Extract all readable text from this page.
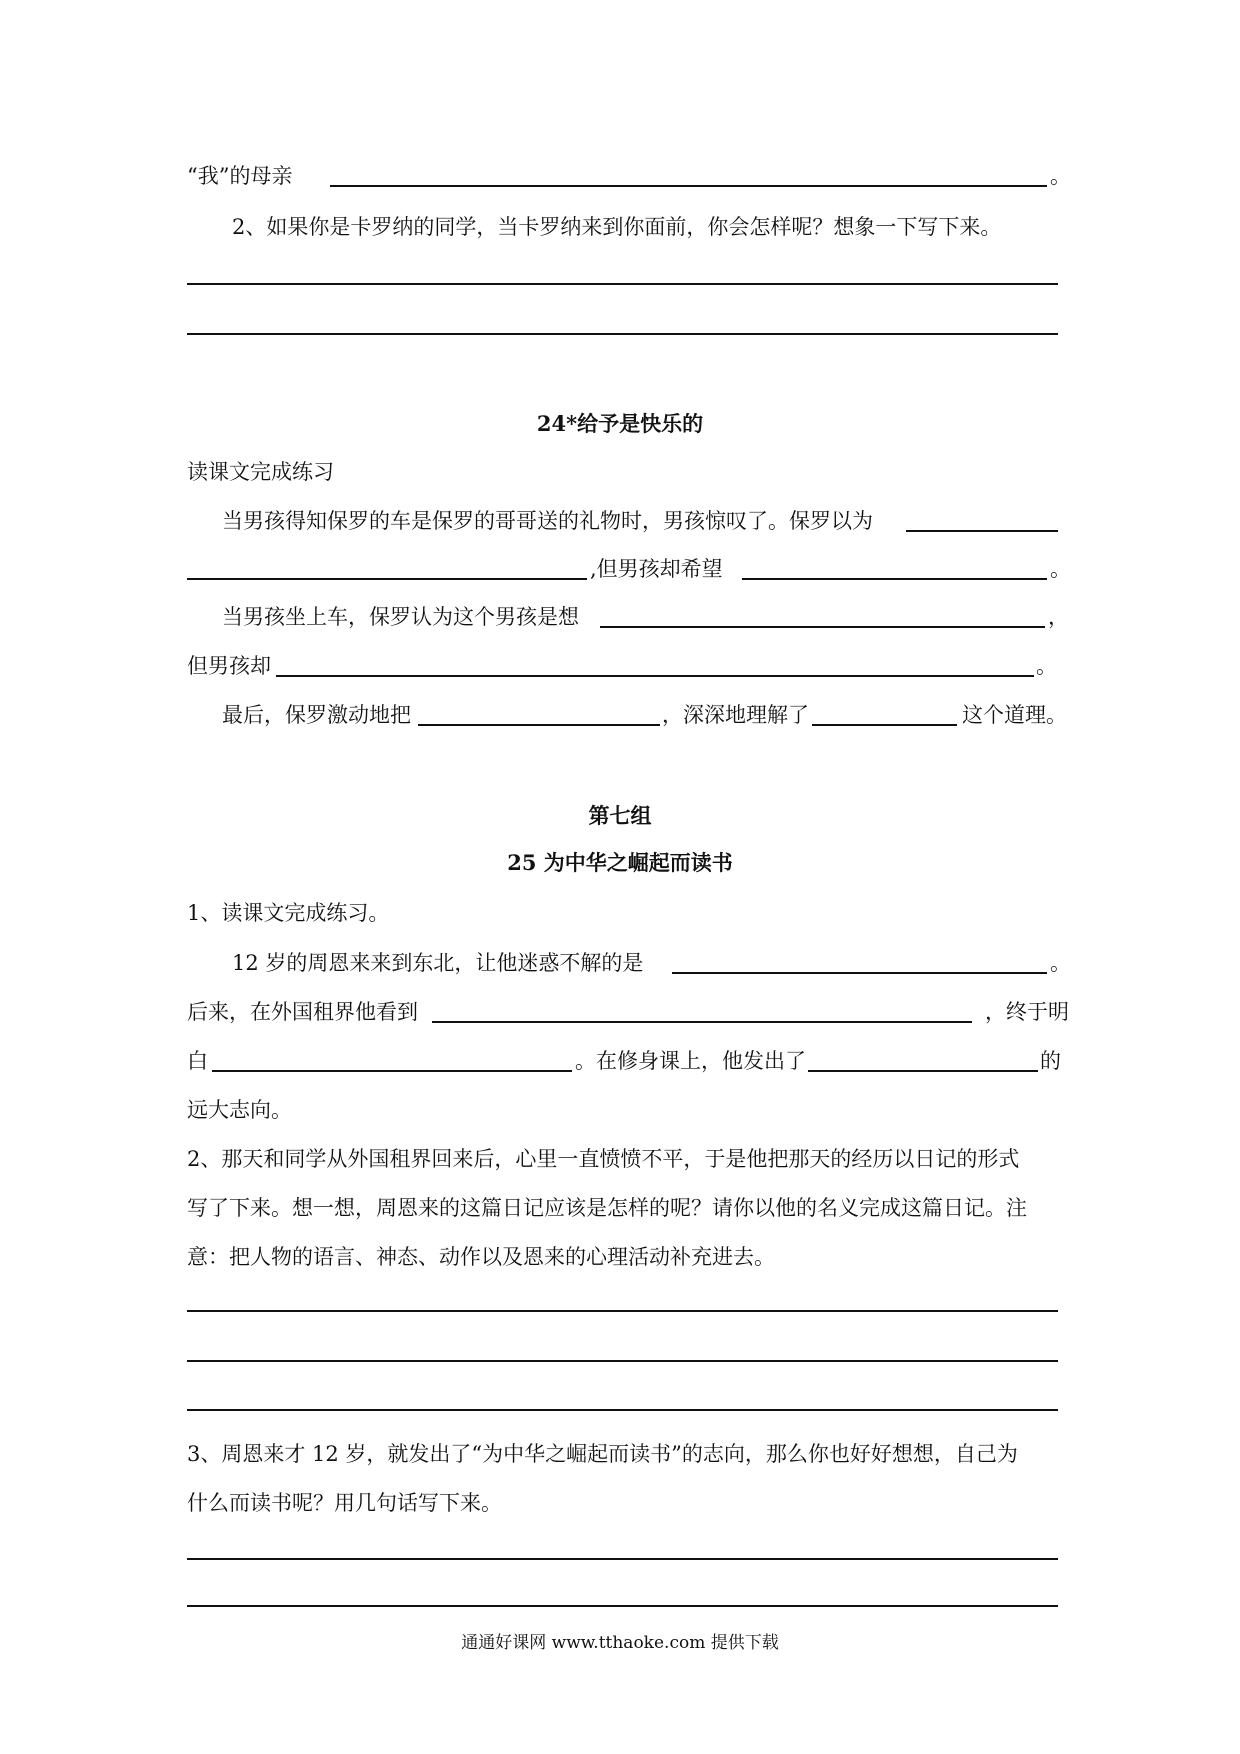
“我”的母亲	。
2、如果你是卡罗纳的同学，当卡罗纳来到你面前，你会怎样呢？想象一下写下来。
24*给予是快乐的
读课文完成练习
当男孩得知保罗的车是保罗的哥哥送的礼物时，男孩惊叹了。保罗以为
,但男孩却希望	。
当男孩坐上车，保罗认为这个男孩是想	，
但男孩却	。
最后，保罗激动地把	，深深地理解了	这个道理。
第七组
25 为中华之崛起而读书
1、读课文完成练习。
12 岁的周恩来来到东北，让他迷惑不解的是	。
后来，在外国租界他看到	，终于明
白	。在修身课上，他发出了	的
远大志向。
2、那天和同学从外国租界回来后，心里一直愤愤不平，于是他把那天的经历以日记的形式
写了下来。想一想，周恩来的这篇日记应该是怎样的呢？请你以他的名义完成这篇日记。注
意：把人物的语言、神态、动作以及恩来的心理活动补充进去。
3、周恩来才 12 岁，就发出了“为中华之崛起而读书”的志向，那么你也好好想想，自己为
什么而读书呢？用几句话写下来。
通通好课网 www.tthaoke.com 提供下载
